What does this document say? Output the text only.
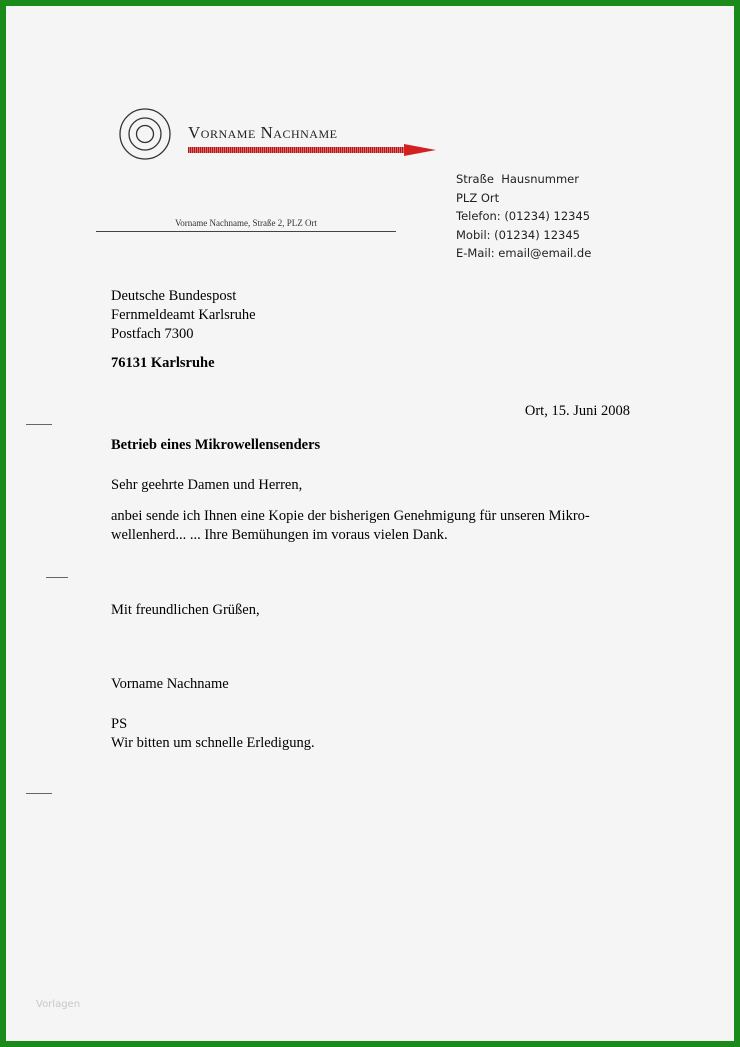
Vorname Nachname
Straße  Hausnummer
PLZ Ort
Telefon: (01234) 12345
Mobil: (01234) 12345
E-Mail: email@email.de
Vorname Nachname, Straße 2, PLZ Ort
Deutsche Bundespost
Fernmeldeamt Karlsruhe
Postfach 7300
76131 Karlsruhe
Ort, 15. Juni 2008
Betrieb eines Mikrowellensenders
Sehr geehrte Damen und Herren,
anbei sende ich Ihnen eine Kopie der bisherigen Genehmigung für unseren Mikro-
wellenherd... ... Ihre Bemühungen im voraus vielen Dank.
Mit freundlichen Grüßen,
Vorname Nachname
PS
Wir bitten um schnelle Erledigung.
Vorlagen
